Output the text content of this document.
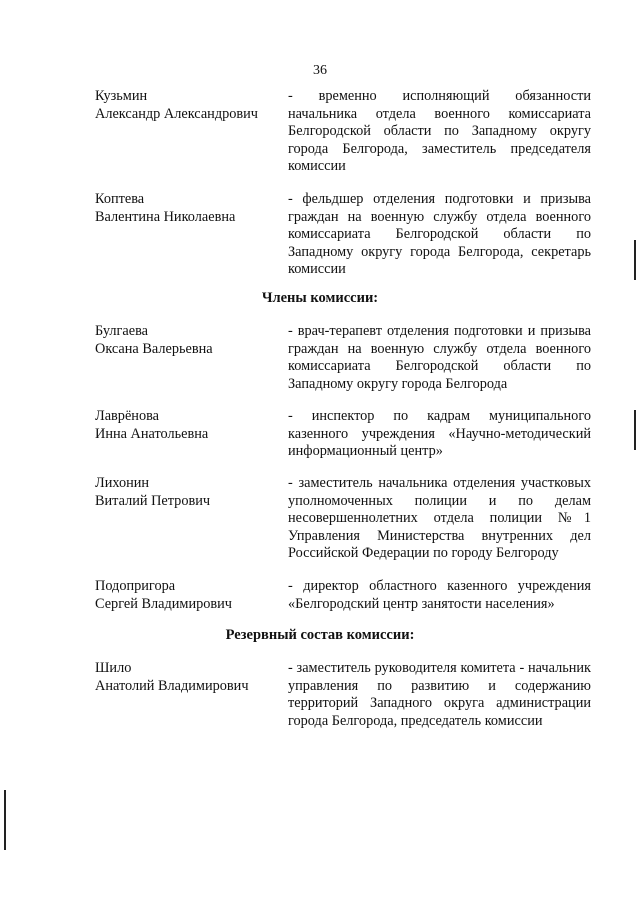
36
Кузьмин
Александр Александрович

- временно исполняющий обязанности начальника отдела военного комиссариата Белгородской области по Западному округу города Белгорода, заместитель председателя комиссии

Коптева
Валентина Николаевна

- фельдшер отделения подготовки и призыва граждан на военную службу отдела военного комиссариата Белгородской области по Западному округу города Белгорода, секретарь комиссии

Члены комиссии:
Булгаева
Оксана Валерьевна

- врач-терапевт отделения подготовки и призыва граждан на военную службу отдела военного комиссариата Белгородской области по Западному округу города Белгорода

Лаврёнова
Инна Анатольевна

- инспектор по кадрам муниципального казенного учреждения «Научно-методический информационный центр»

Лихонин
Виталий Петрович

- заместитель начальника отделения участковых уполномоченных полиции и по делам несовершеннолетних отдела полиции №1 Управления Министерства внутренних дел Российской Федерации по городу Белгороду

Подопригора
Сергей Владимирович

- директор областного казенного учреждения «Белгородский центр занятости населения»

Резервный состав комиссии:
Шило
Анатолий Владимирович

- заместитель руководителя комитета - начальник управления по развитию и содержанию территорий Западного округа администрации города Белгорода, председатель комиссии
